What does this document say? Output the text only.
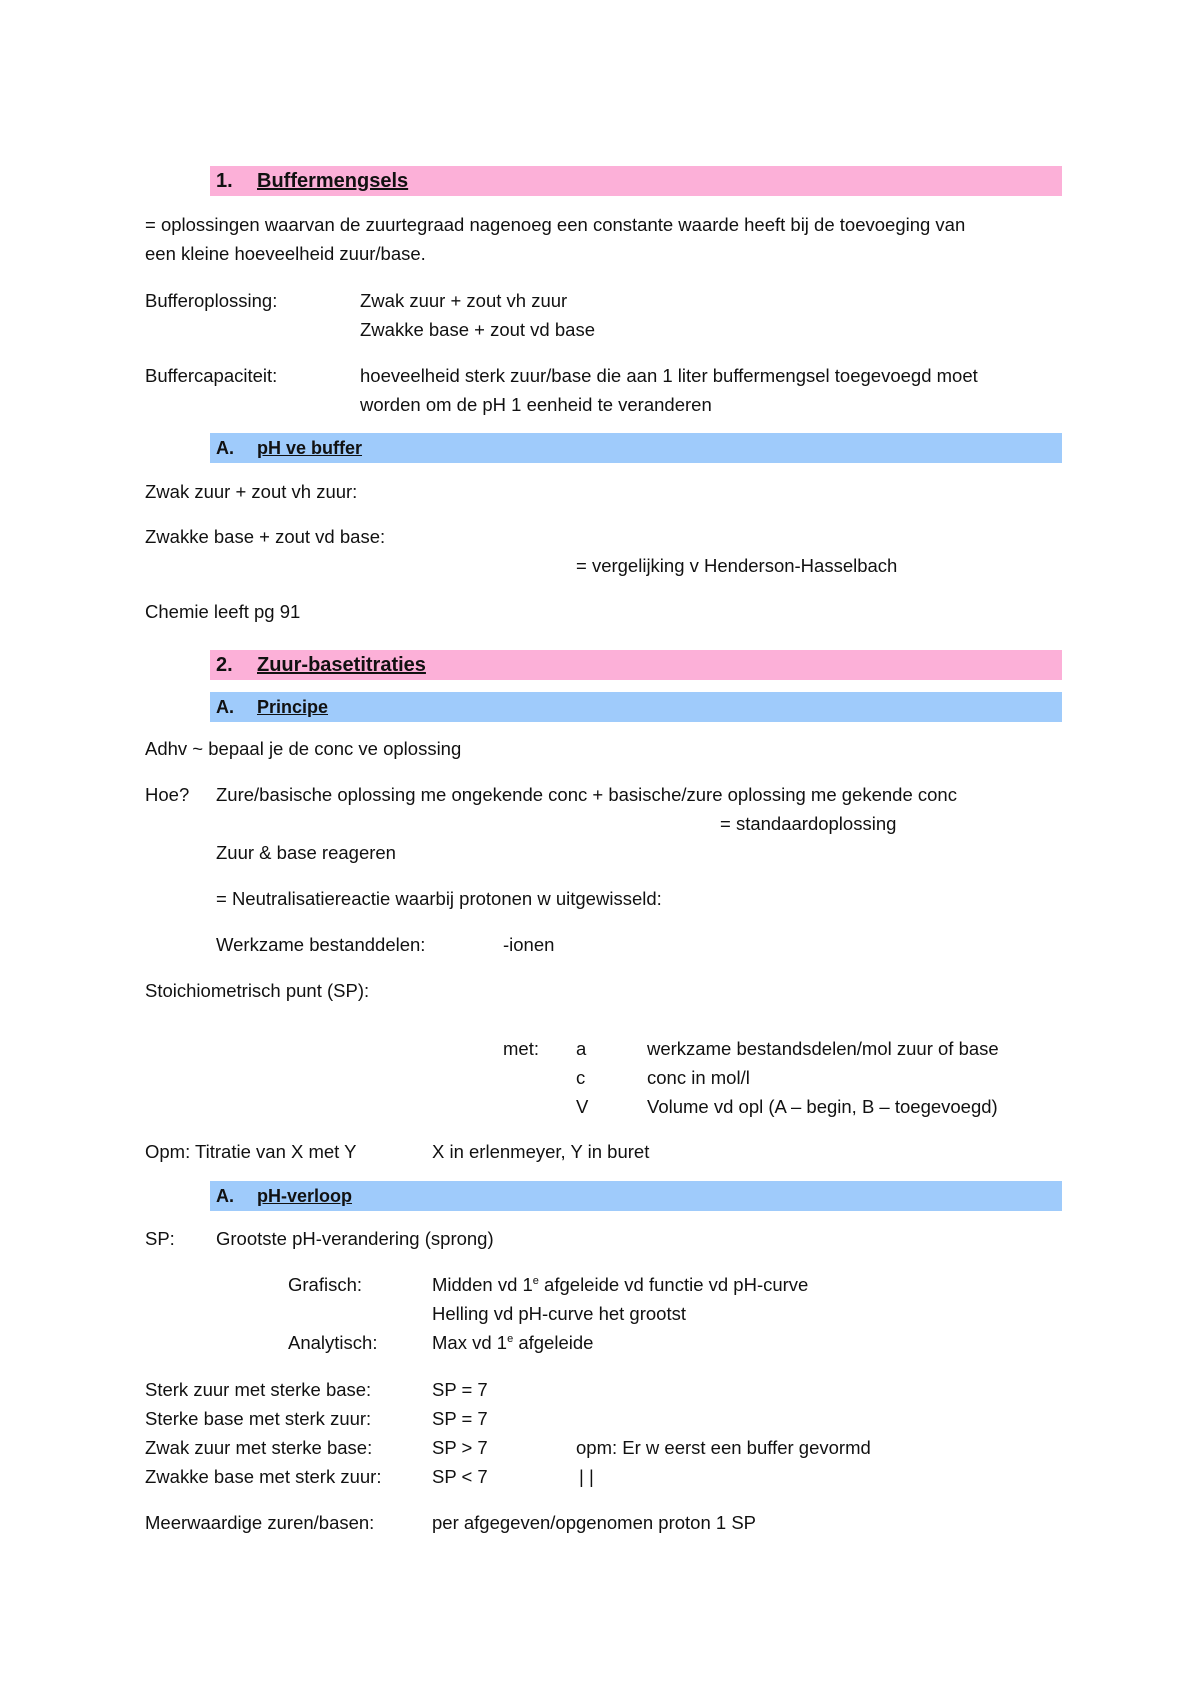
1. Buffermengsels
= oplossingen waarvan de zuurtegraad nagenoeg een constante waarde heeft bij de toevoeging van
een kleine hoeveelheid zuur/base.
Bufferoplossing:	Zwak zuur + zout vh zuur
Zwakke base + zout vd base
Buffercapaciteit:	hoeveelheid sterk zuur/base die aan 1 liter buffermengsel toegevoegd moet
worden om de pH 1 eenheid te veranderen
A. pH ve buffer
Zwak zuur + zout vh zuur:
Zwakke base + zout vd base:
= vergelijking v Henderson-Hasselbach
Chemie leeft pg 91
2. Zuur-basetitraties
A. Principe
Adhv ~ bepaal je de conc ve oplossing
Hoe? Zure/basische oplossing me ongekende conc + basische/zure oplossing me gekende conc
= standaardoplossing
Zuur & base reageren
= Neutralisatiereactie waarbij protonen w uitgewisseld:
Werkzame bestanddelen:	-ionen
Stoichiometrisch punt (SP):
met: a	werkzame bestandsdelen/mol zuur of base
c	conc in mol/l
V	Volume vd opl (A – begin, B – toegevoegd)
Opm: Titratie van X met Y	X in erlenmeyer, Y in buret
A. pH-verloop
SP: Grootste pH-verandering (sprong)
Grafisch:	Midden vd 1e afgeleide vd functie vd pH-curve
Helling vd pH-curve het grootst
Analytisch:	Max vd 1e afgeleide
Sterk zuur met sterke base:	SP = 7
Sterke base met sterk zuur:	SP = 7
Zwak zuur met sterke base:	SP > 7	opm: Er w eerst een buffer gevormd
Zwakke base met sterk zuur:	SP < 7	| |
Meerwaardige zuren/basen:	per afgegeven/opgenomen proton 1 SP
